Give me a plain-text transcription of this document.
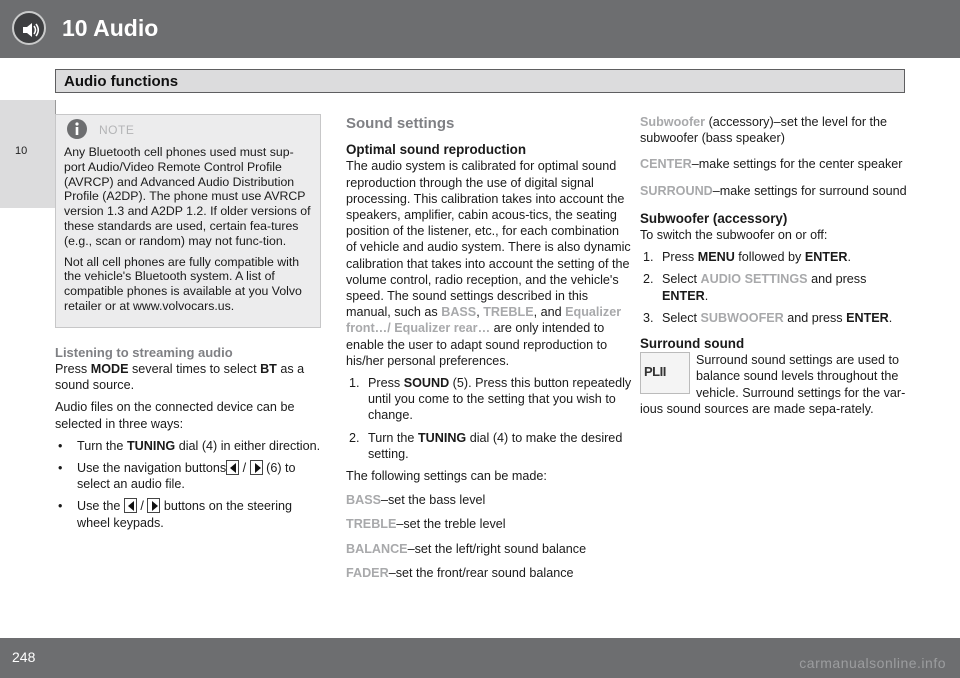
10 Audio
Audio functions
10
NOTE

Any Bluetooth cell phones used must sup-port Audio/Video Remote Control Profile (AVRCP) and Advanced Audio Distribution Profile (A2DP). The phone must use AVRCP version 1.3 and A2DP 1.2. If older versions of these standards are used, certain fea-tures (e.g., scan or random) may not func-tion.

Not all cell phones are fully compatible with the vehicle's Bluetooth system. A list of compatible phones is available at you Volvo retailer or at www.volvocars.us.

Listening to streaming audio

Press MODE several times to select BT as a sound source.

Audio files on the connected device can be selected in three ways:

• Turn the TUNING dial (4) in either direction.
• Use the navigation buttons /  (6) to select an audio file.
• Use the  /  buttons on the steering wheel keypads.
Sound settings
Optimal sound reproduction

The audio system is calibrated for optimal sound reproduction through the use of digital signal processing. This calibration takes into account the speakers, amplifier, cabin acous-tics, the seating position of the listener, etc., for each combination of vehicle and audio system. There is also dynamic calibration that takes into account the setting of the volume control, radio reception, and the vehicle's speed. The sound settings described in this manual, such as BASS, TREBLE, and Equalizer front…/ Equalizer rear… are only intended to enable the user to adapt sound reproduction to his/her personal preferences.

1. Press SOUND (5). Press this button repeatedly until you come to the setting that you wish to change.
2. Turn the TUNING dial (4) to make the desired setting.

The following settings can be made:

BASS–set the bass level

TREBLE–set the treble level

BALANCE–set the left/right sound balance

FADER–set the front/rear sound balance

Subwoofer (accessory)–set the level for the subwoofer (bass speaker)

CENTER–make settings for the center speaker

SURROUND–make settings for surround sound

Subwoofer (accessory)

To switch the subwoofer on or off:

1. Press MENU followed by ENTER.
2. Select AUDIO SETTINGS and press ENTER.
3. Select SUBWOOFER and press ENTER.
Surround sound
PLII
Surround sound settings are used to balance sound levels throughout the vehicle. Surround settings for the var-ious sound sources are made sepa-rately.
248	carmanualsonline.info
